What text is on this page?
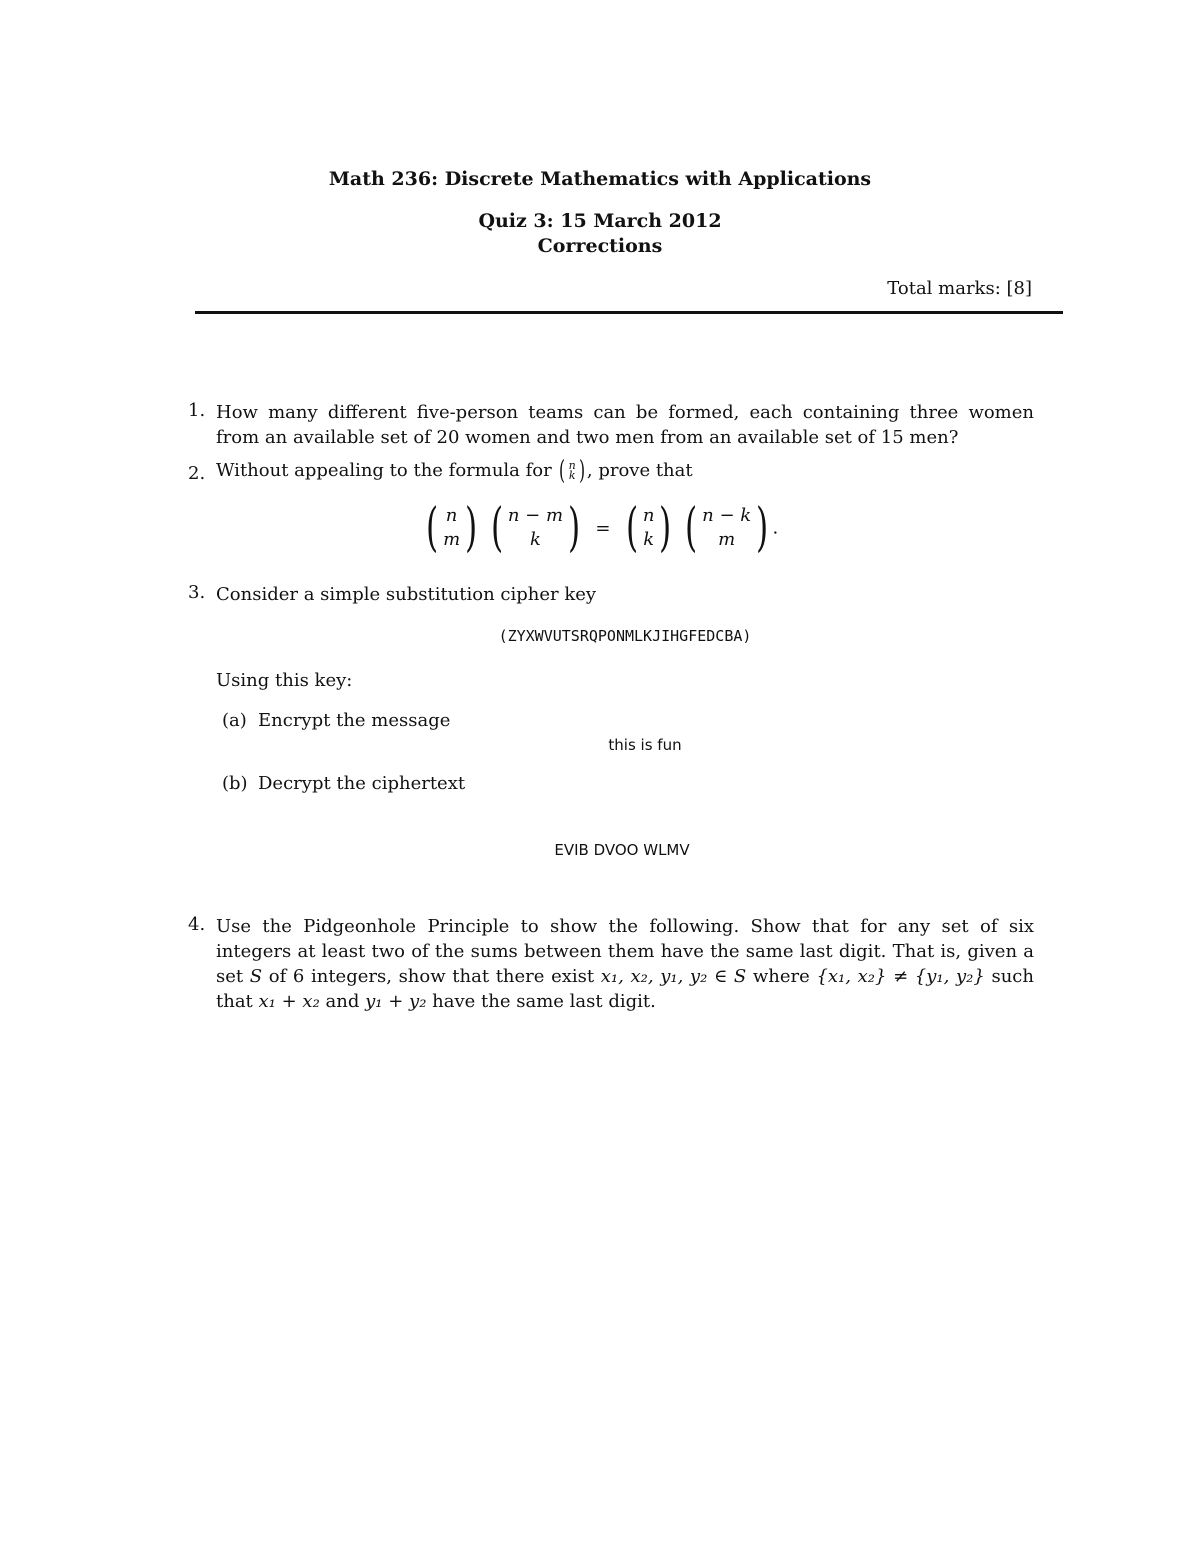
Math 236: Discrete Mathematics with Applications
Quiz 3: 15 March 2012
Corrections
Total marks: [8]
1. How many different five-person teams can be formed, each containing three women from an available set of 20 women and two men from an available set of 15 men?
2. Without appealing to the formula for ( n
k ) , prove that
( n
m )
( n − m
k ) = ( n
k )
( n − k
m ) .
3. Consider a simple substitution cipher key
(ZYXWVUTSRQPONMLKJIHGFEDCBA)
Using this key:
(a) Encrypt the message
this is fun
(b) Decrypt the ciphertext
EVIB DVOO WLMV
4. Use the Pidgeonhole Principle to show the following. Show that for any set of six integers at least two of the sums between them have the same last digit. That is, given a set S of 6 integers, show that there exist x₁, x₂, y₁, y₂ ∈ S where {x₁, x₂} ≠ {y₁, y₂} such that x₁ + x₂ and y₁ + y₂ have the same last digit.
